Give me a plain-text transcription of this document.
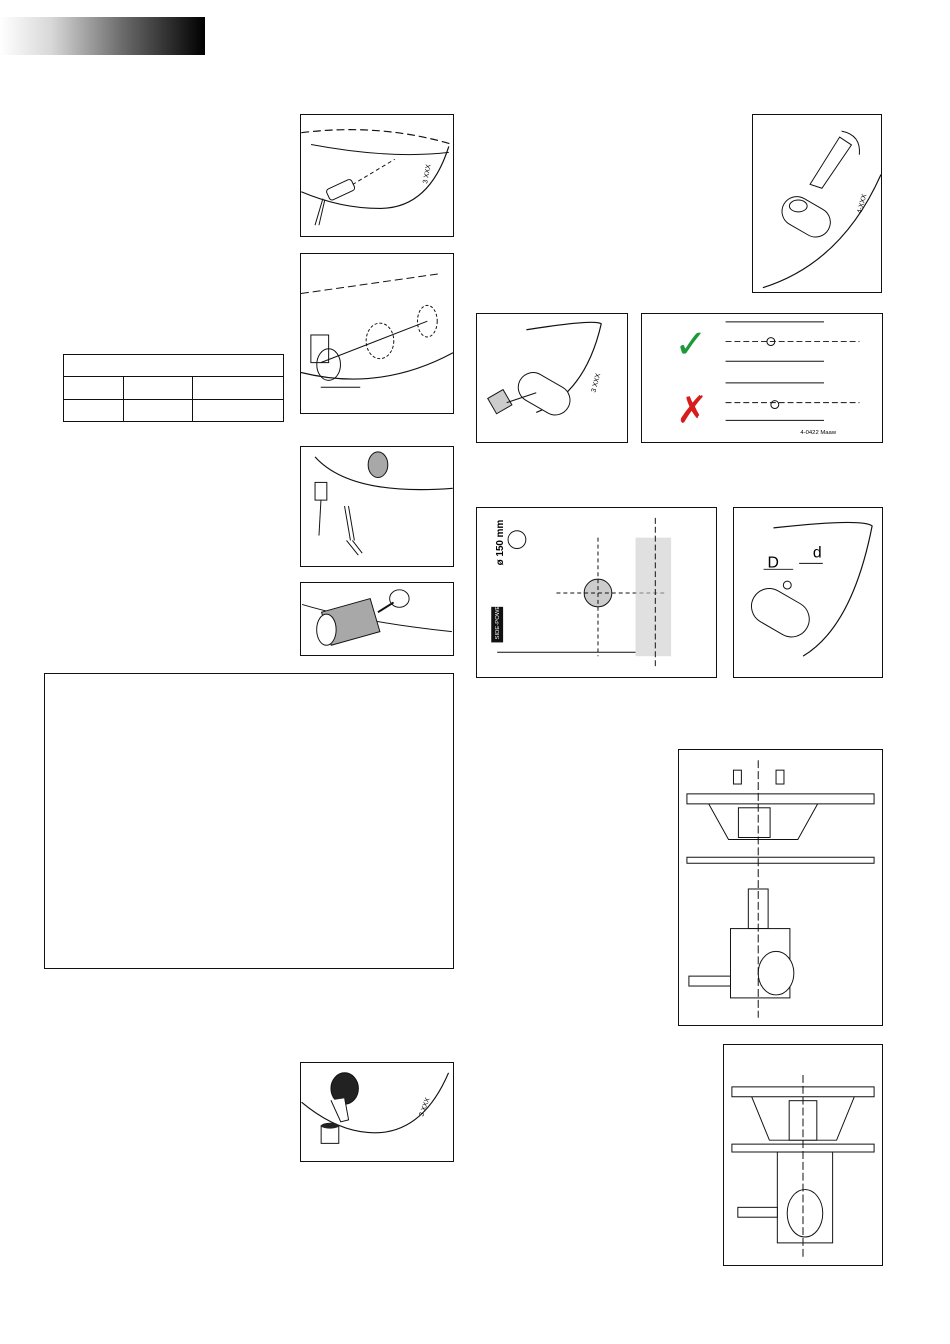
3 XXX

3 XXX
4-XXX
3 XXX
✓
✗
4-0422 Maaw
ø 150 mm
SIDE-POWER
D
d
